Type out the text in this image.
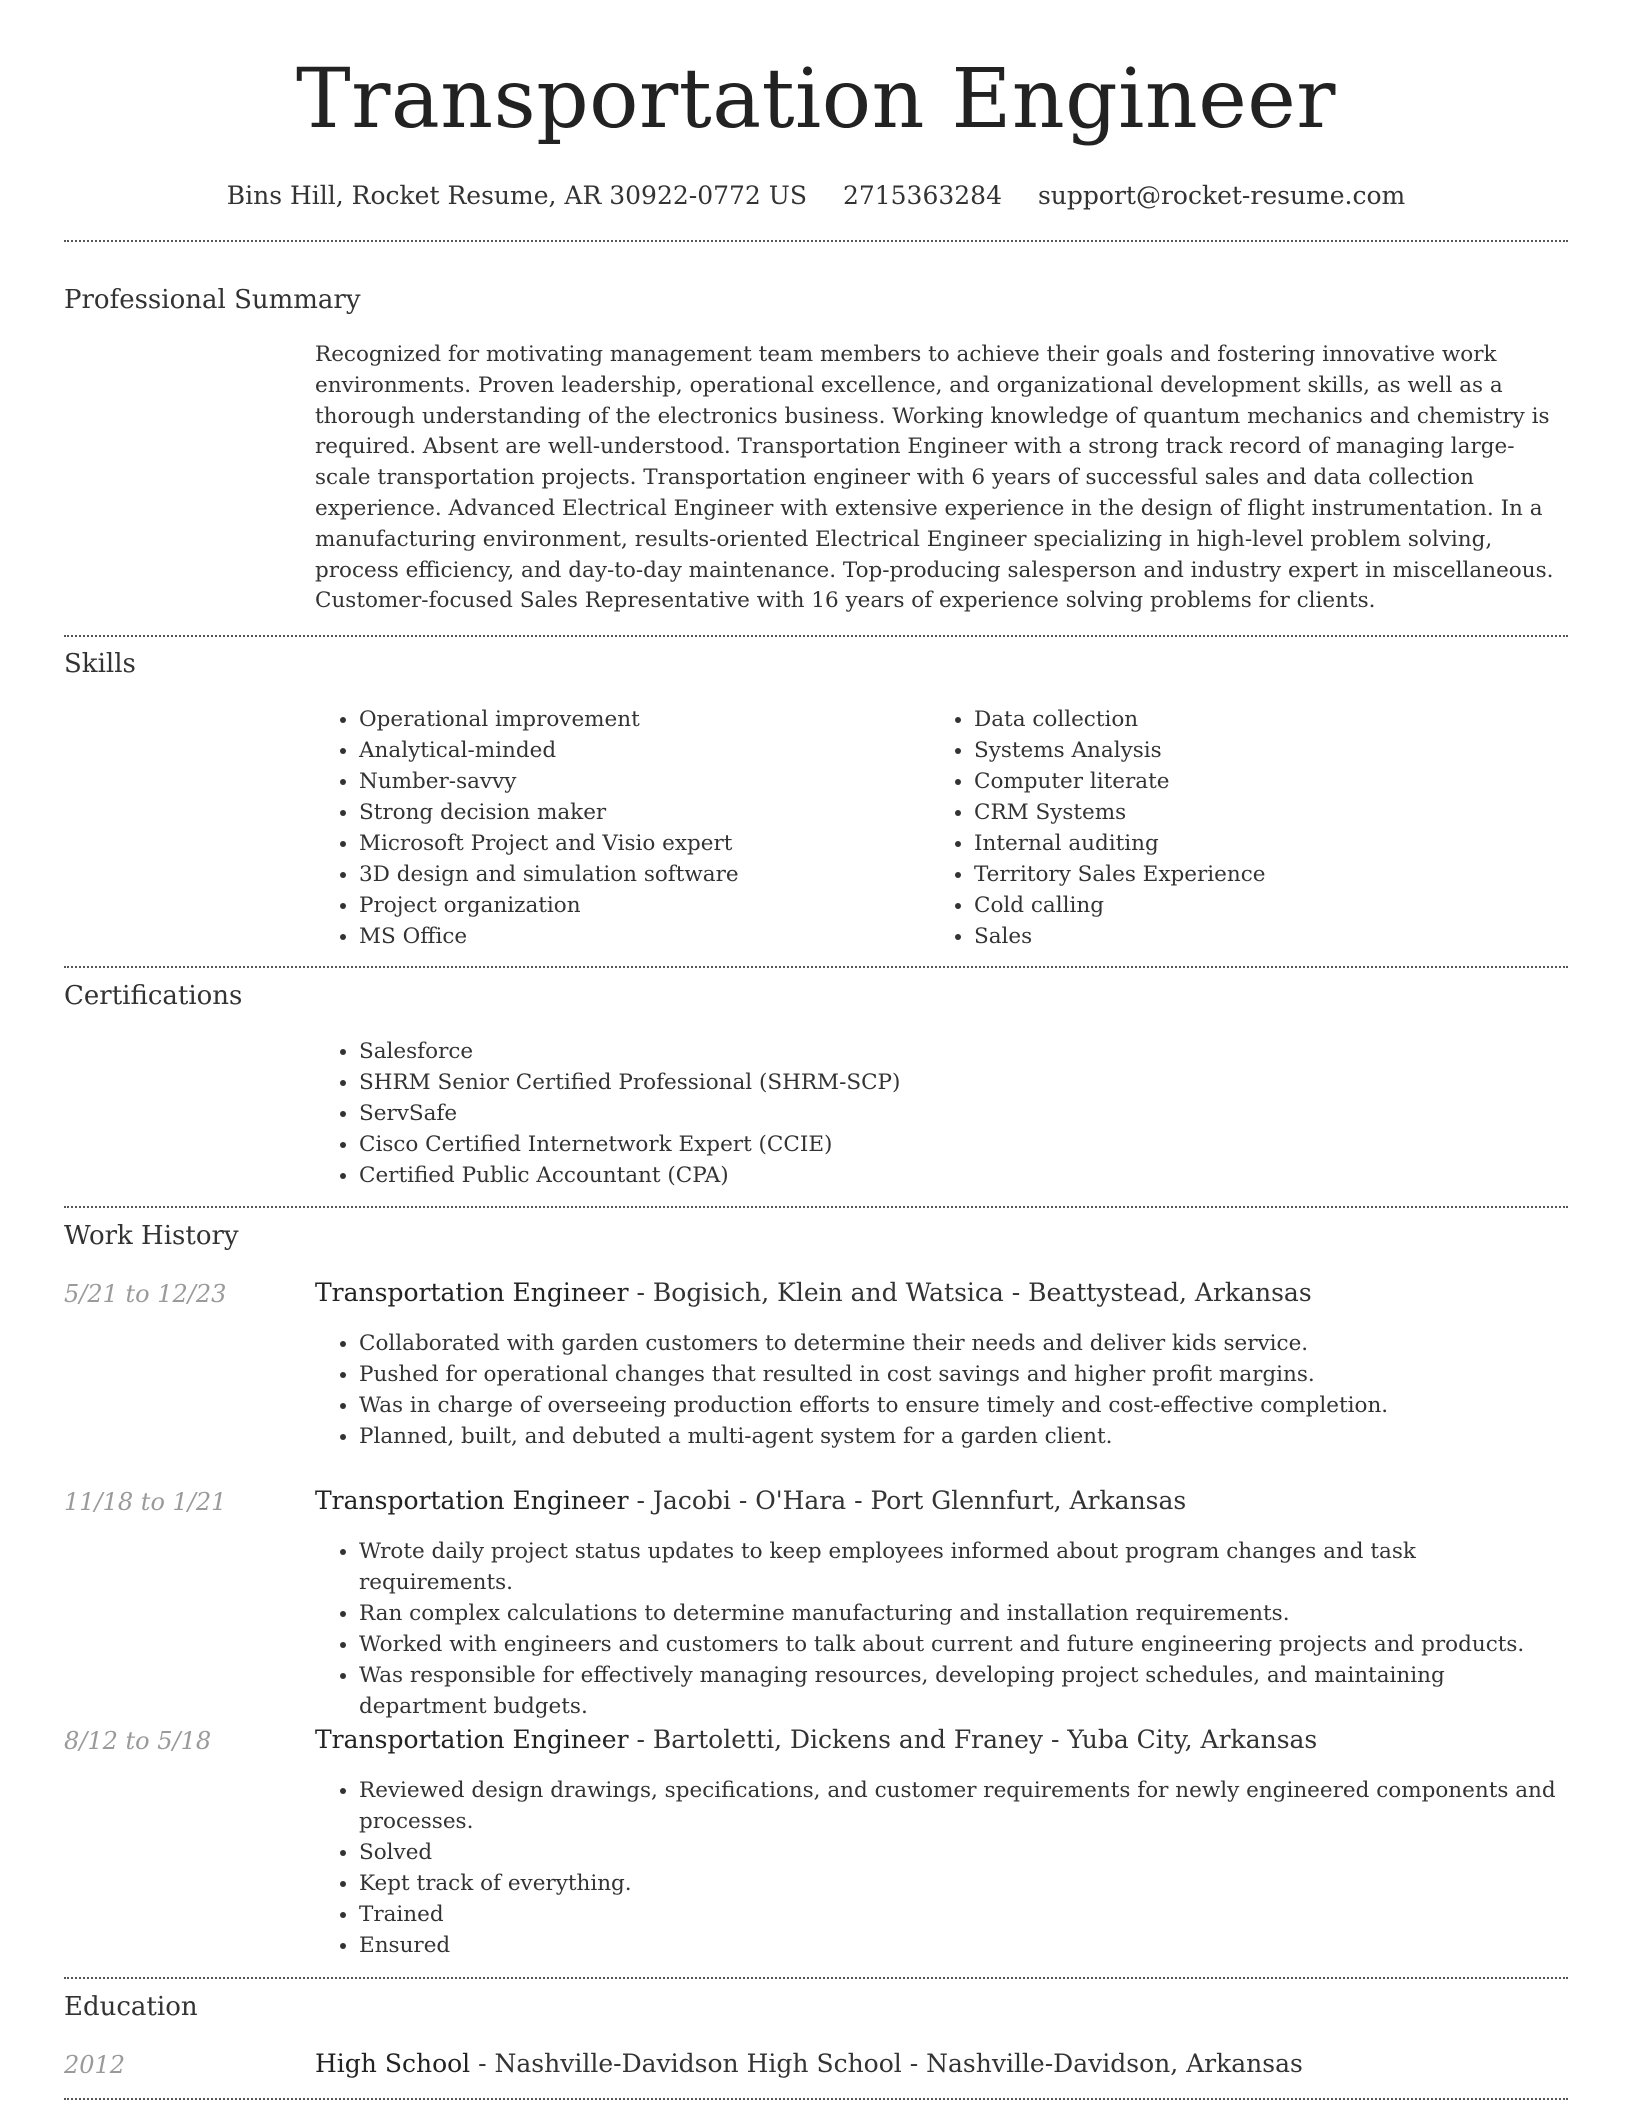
Transportation Engineer
Bins Hill, Rocket Resume, AR 30922-0772 US 2715363284 support@rocket-resume.com
Professional Summary
Recognized for motivating management team members to achieve their goals and fostering innovative work environments. Proven leadership, operational excellence, and organizational development skills, as well as a thorough understanding of the electronics business. Working knowledge of quantum mechanics and chemistry is required. Absent are well-understood. Transportation Engineer with a strong track record of managing large-scale transportation projects. Transportation engineer with 6 years of successful sales and data collection experience. Advanced Electrical Engineer with extensive experience in the design of flight instrumentation. In a manufacturing environment, results-oriented Electrical Engineer specializing in high-level problem solving, process efficiency, and day-to-day maintenance. Top-producing salesperson and industry expert in miscellaneous. Customer-focused Sales Representative with 16 years of experience solving problems for clients.
Skills
• Operational improvement
• Analytical-minded
• Number-savvy
• Strong decision maker
• Microsoft Project and Visio expert
• 3D design and simulation software
• Project organization
• MS Office
• Data collection
• Systems Analysis
• Computer literate
• CRM Systems
• Internal auditing
• Territory Sales Experience
• Cold calling
• Sales
Certifications
• Salesforce
• SHRM Senior Certified Professional (SHRM-SCP)
• ServSafe
• Cisco Certified Internetwork Expert (CCIE)
• Certified Public Accountant (CPA)
Work History
5/21 to 12/23	Transportation Engineer - Bogisich, Klein and Watsica - Beattystead, Arkansas
• Collaborated with garden customers to determine their needs and deliver kids service.
• Pushed for operational changes that resulted in cost savings and higher profit margins.
• Was in charge of overseeing production efforts to ensure timely and cost-effective completion.
• Planned, built, and debuted a multi-agent system for a garden client.
11/18 to 1/21	Transportation Engineer - Jacobi - O'Hara - Port Glennfurt, Arkansas
• Wrote daily project status updates to keep employees informed about program changes and task requirements.
• Ran complex calculations to determine manufacturing and installation requirements.
• Worked with engineers and customers to talk about current and future engineering projects and products.
• Was responsible for effectively managing resources, developing project schedules, and maintaining department budgets.
8/12 to 5/18	Transportation Engineer - Bartoletti, Dickens and Franey - Yuba City, Arkansas
• Reviewed design drawings, specifications, and customer requirements for newly engineered components and processes.
• Solved
• Kept track of everything.
• Trained
• Ensured
Education
2012	High School - Nashville-Davidson High School - Nashville-Davidson, Arkansas
